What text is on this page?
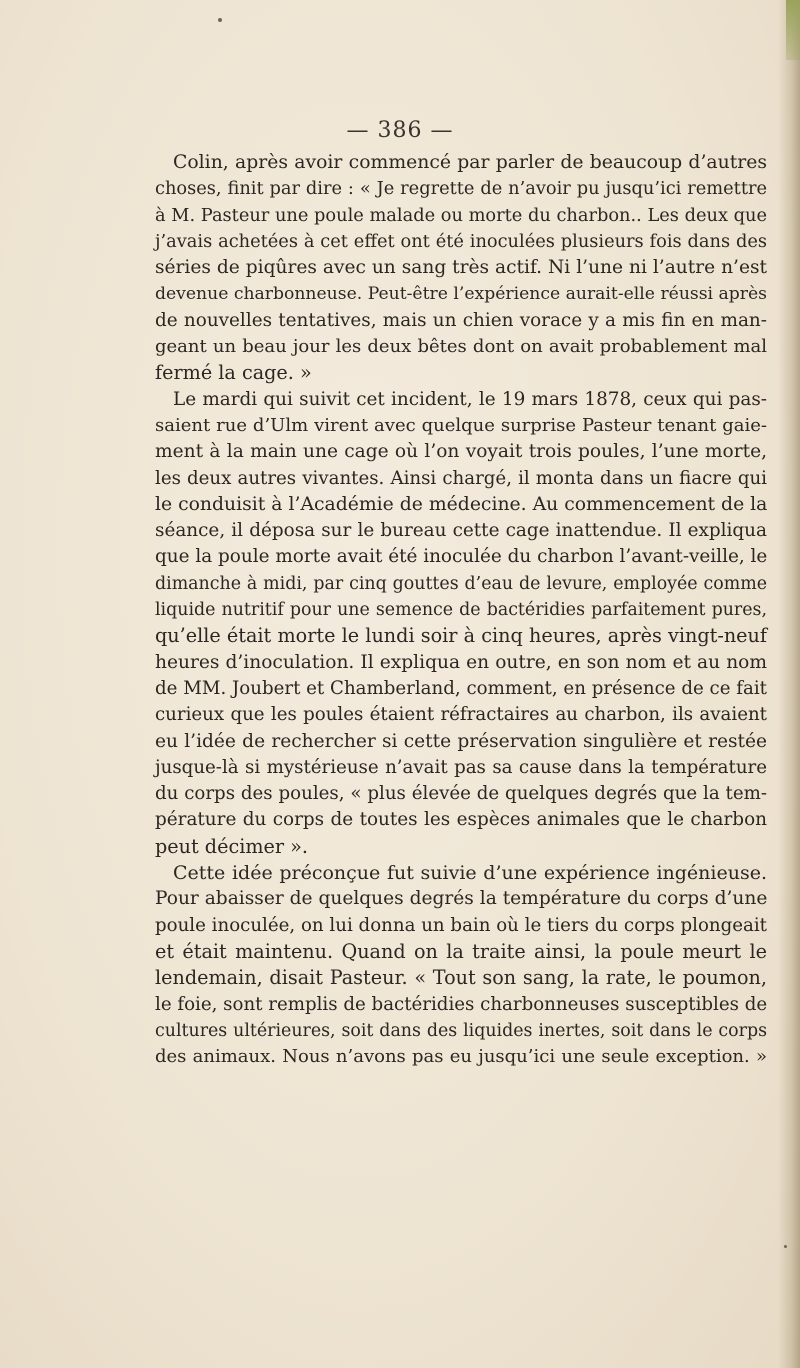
— 386 —
Colin, après avoir commencé par parler de beaucoup d’autres
choses, finit par dire : « Je regrette de n’avoir pu jusqu’ici remettre
à M. Pasteur une poule malade ou morte du charbon.. Les deux que
j’avais achetées à cet effet ont été inoculées plusieurs fois dans des
séries de piqûres avec un sang très actif. Ni l’une ni l’autre n’est
devenue charbonneuse. Peut-être l’expérience aurait-elle réussi après
de nouvelles tentatives, mais un chien vorace y a mis fin en man-
geant un beau jour les deux bêtes dont on avait probablement mal
fermé la cage. »
Le mardi qui suivit cet incident, le 19 mars 1878, ceux qui pas-
saient rue d’Ulm virent avec quelque surprise Pasteur tenant gaie-
ment à la main une cage où l’on voyait trois poules, l’une morte,
les deux autres vivantes. Ainsi chargé, il monta dans un fiacre qui
le conduisit à l’Académie de médecine. Au commencement de la
séance, il déposa sur le bureau cette cage inattendue. Il expliqua
que la poule morte avait été inoculée du charbon l’avant-veille, le
dimanche à midi, par cinq gouttes d’eau de levure, employée comme
liquide nutritif pour une semence de bactéridies parfaitement pures,
qu’elle était morte le lundi soir à cinq heures, après vingt-neuf
heures d’inoculation. Il expliqua en outre, en son nom et au nom
de MM. Joubert et Chamberland, comment, en présence de ce fait
curieux que les poules étaient réfractaires au charbon, ils avaient
eu l’idée de rechercher si cette préservation singulière et restée
jusque-là si mystérieuse n’avait pas sa cause dans la température
du corps des poules, « plus élevée de quelques degrés que la tem-
pérature du corps de toutes les espèces animales que le charbon
peut décimer ».
Cette idée préconçue fut suivie d’une expérience ingénieuse.
Pour abaisser de quelques degrés la température du corps d’une
poule inoculée, on lui donna un bain où le tiers du corps plongeait
et était maintenu. Quand on la traite ainsi, la poule meurt le
lendemain, disait Pasteur. « Tout son sang, la rate, le poumon,
le foie, sont remplis de bactéridies charbonneuses susceptibles de
cultures ultérieures, soit dans des liquides inertes, soit dans le corps
des animaux. Nous n’avons pas eu jusqu’ici une seule exception. »
